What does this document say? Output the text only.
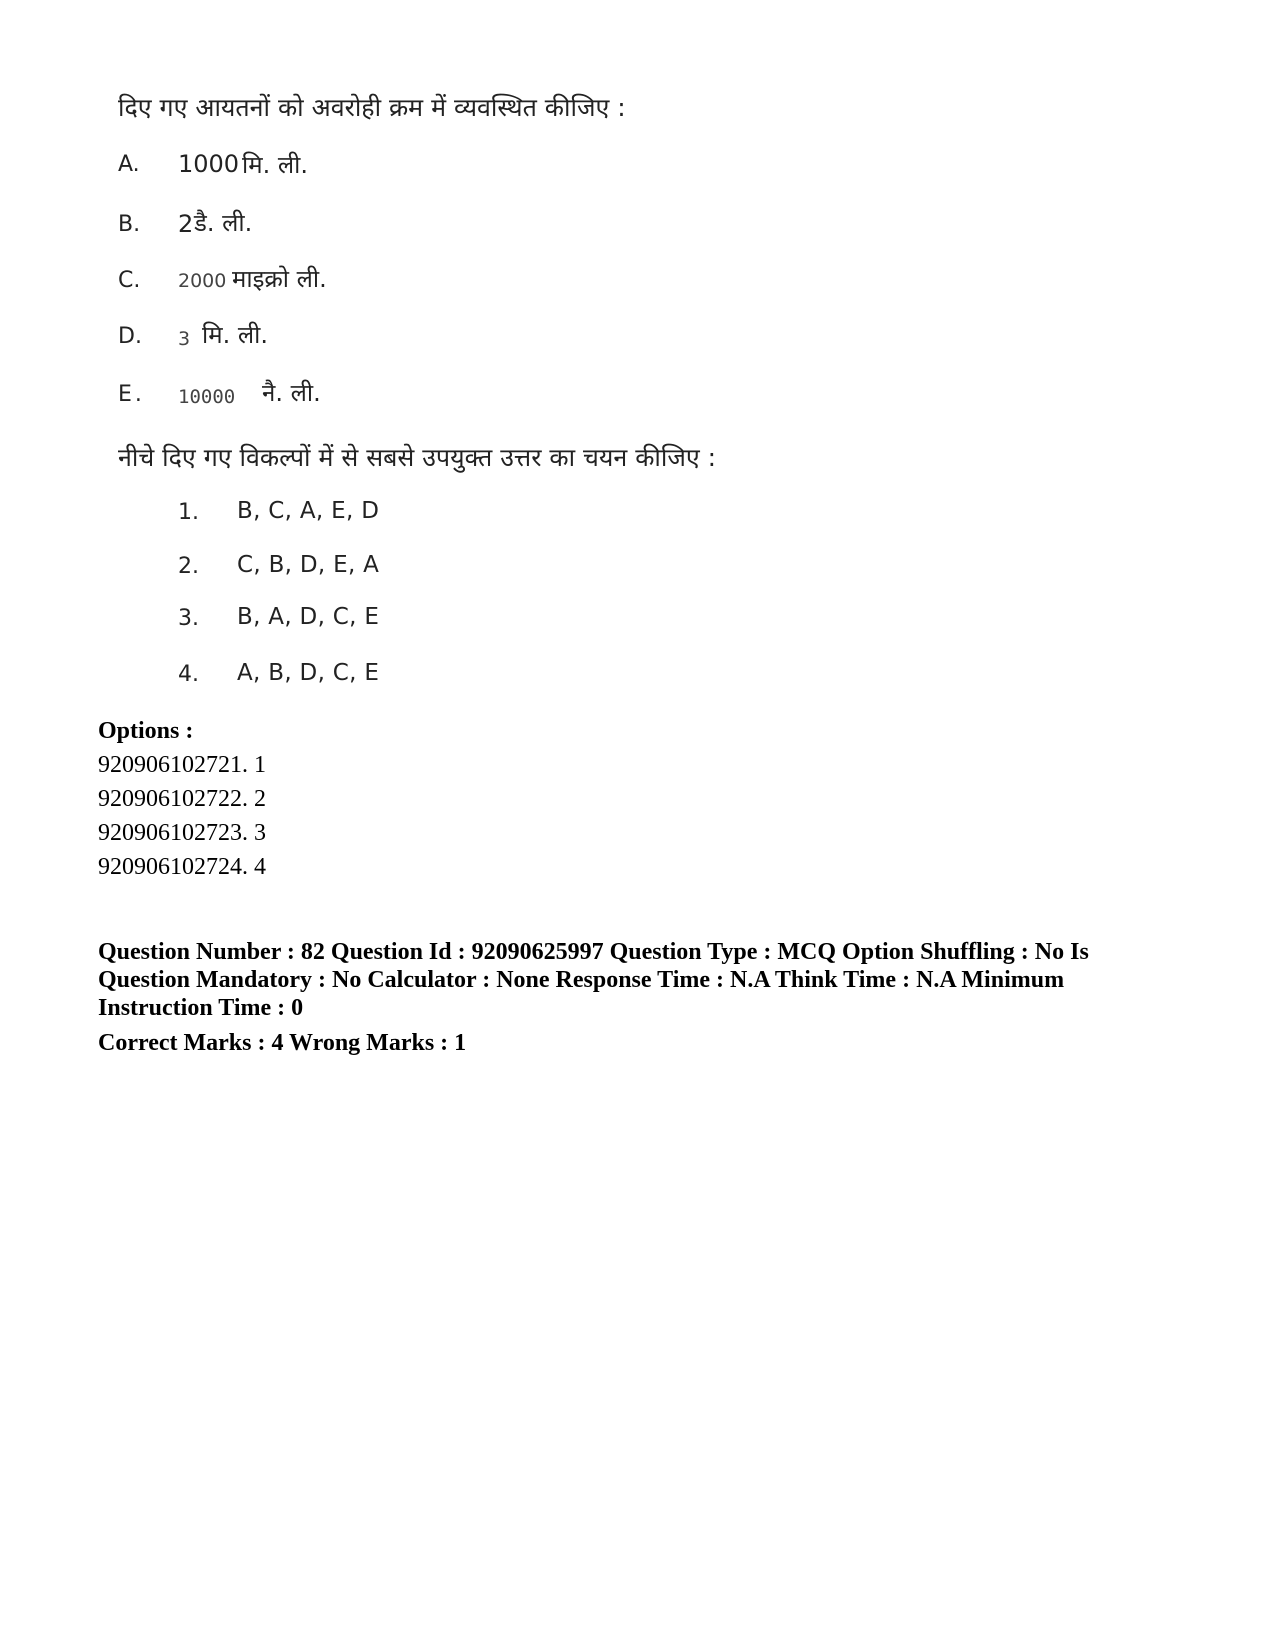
दिए गए आयतनों को अवरोही क्रम में व्यवस्थित कीजिए :
A. 1000 मि. ली.
B. 2 डै. ली.
C. 2000 माइक्रो ली.
D. 3 मि. ली.
E. 10000 नै. ली.
नीचे दिए गए विकल्पों में से सबसे उपयुक्त उत्तर का चयन कीजिए :
1. B, C, A, E, D
2. C, B, D, E, A
3. B, A, D, C, E
4. A, B, D, C, E
Options :
920906102721. 1
920906102722. 2
920906102723. 3
920906102724. 4
Question Number : 82 Question Id : 92090625997 Question Type : MCQ Option Shuffling : No Is Question Mandatory : No Calculator : None Response Time : N.A Think Time : N.A Minimum Instruction Time : 0
Correct Marks : 4 Wrong Marks : 1
